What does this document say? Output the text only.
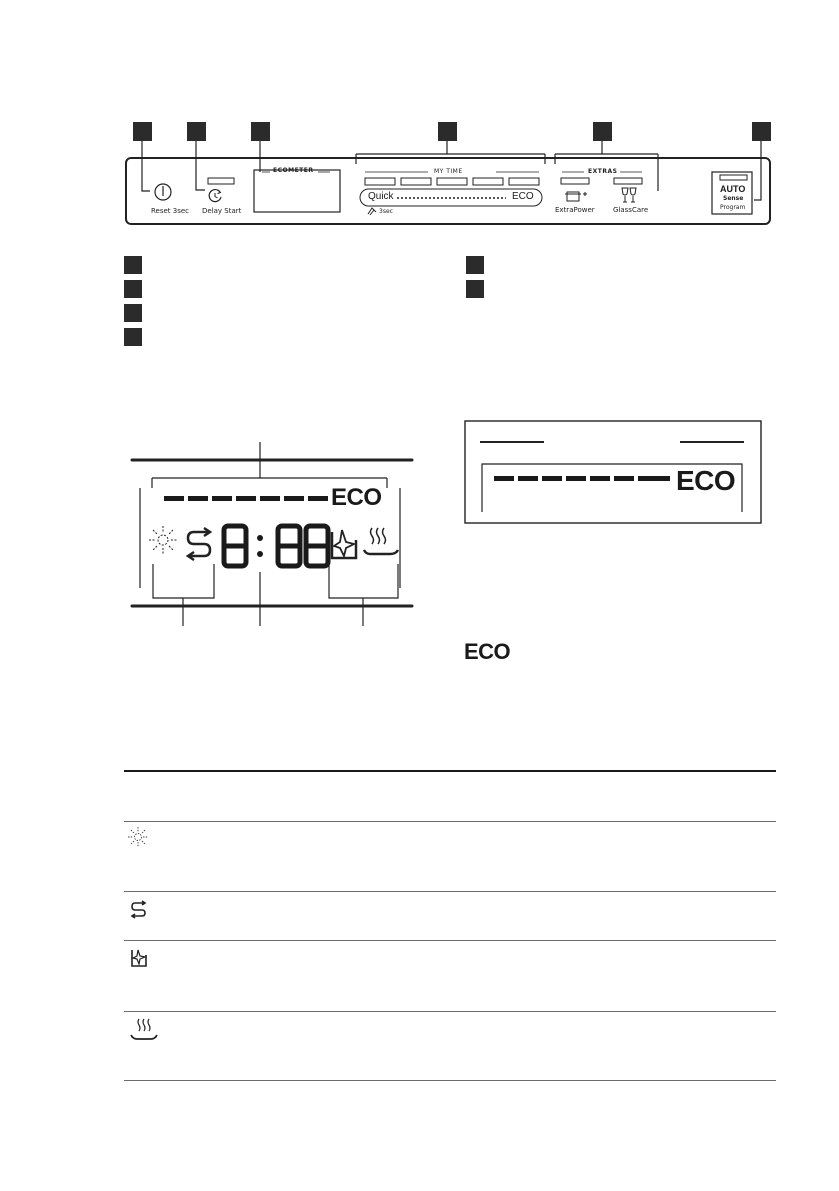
ECOMETER	MY TIME	EXTRAS
Reset 3sec Delay Start
Quick	ECO
3sec	ExtraPower	GlassCare
AUTO
Sense
Program
ECO
ECO
ECO
